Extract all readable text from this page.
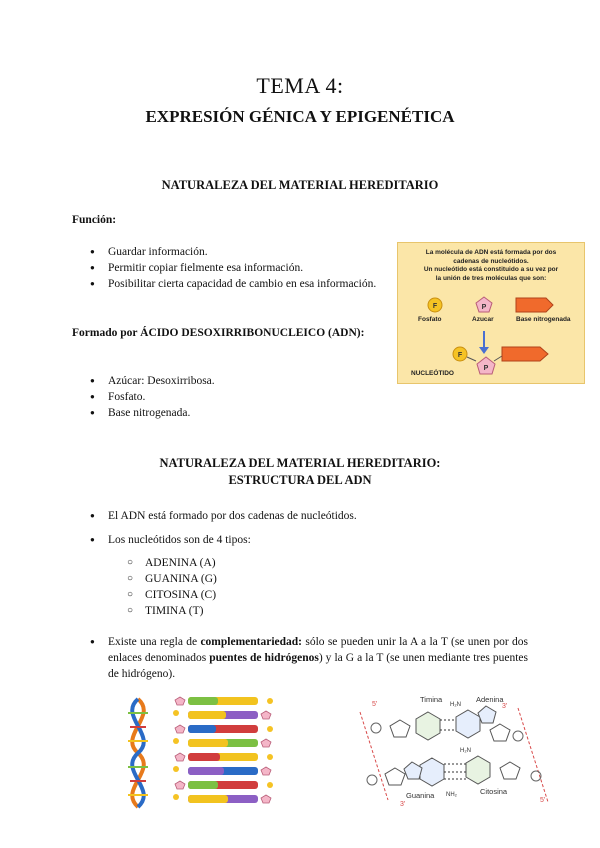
TEMA 4:
EXPRESIÓN GÉNICA Y EPIGENÉTICA
NATURALEZA DEL MATERIAL HEREDITARIO
Función:
● Guardar información.
● Permitir copiar fielmente esa información.
● Posibilitar cierta capacidad de cambio en esa información.
Formado por ÁCIDO DESOXIRRIBONUCLEICO (ADN):
● Azúcar: Desoxirribosa.
● Fosfato.
● Base nitrogenada.
La molécula de ADN está formada por dos
cadenas de nucleótidos.
Un nucleótido está constituido a su vez por
la unión de tres moléculas que son:
F	P
F
P
Fosfato	Azucar	Base nitrogenada
NUCLEÓTIDO
NATURALEZA DEL MATERIAL HEREDITARIO:
ESTRUCTURA DEL ADN
● El ADN está formado por dos cadenas de nucleótidos.
● Los nucleótidos son de 4 tipos:
○ ADENINA (A)
○ GUANINA (G)
○ CITOSINA (C)
○ TIMINA (T)
● Existe una regla de complementariedad: sólo se pueden unir la A a la T (se unen por dos enlaces denominados puentes de hidrógenos) y la G a la T (se unen mediante tres puentes de hidrógeno).
5'	3'
3'
5'
Timina	Adenina
H₂N
H₂N
NH₂
Guanina	Citosina
